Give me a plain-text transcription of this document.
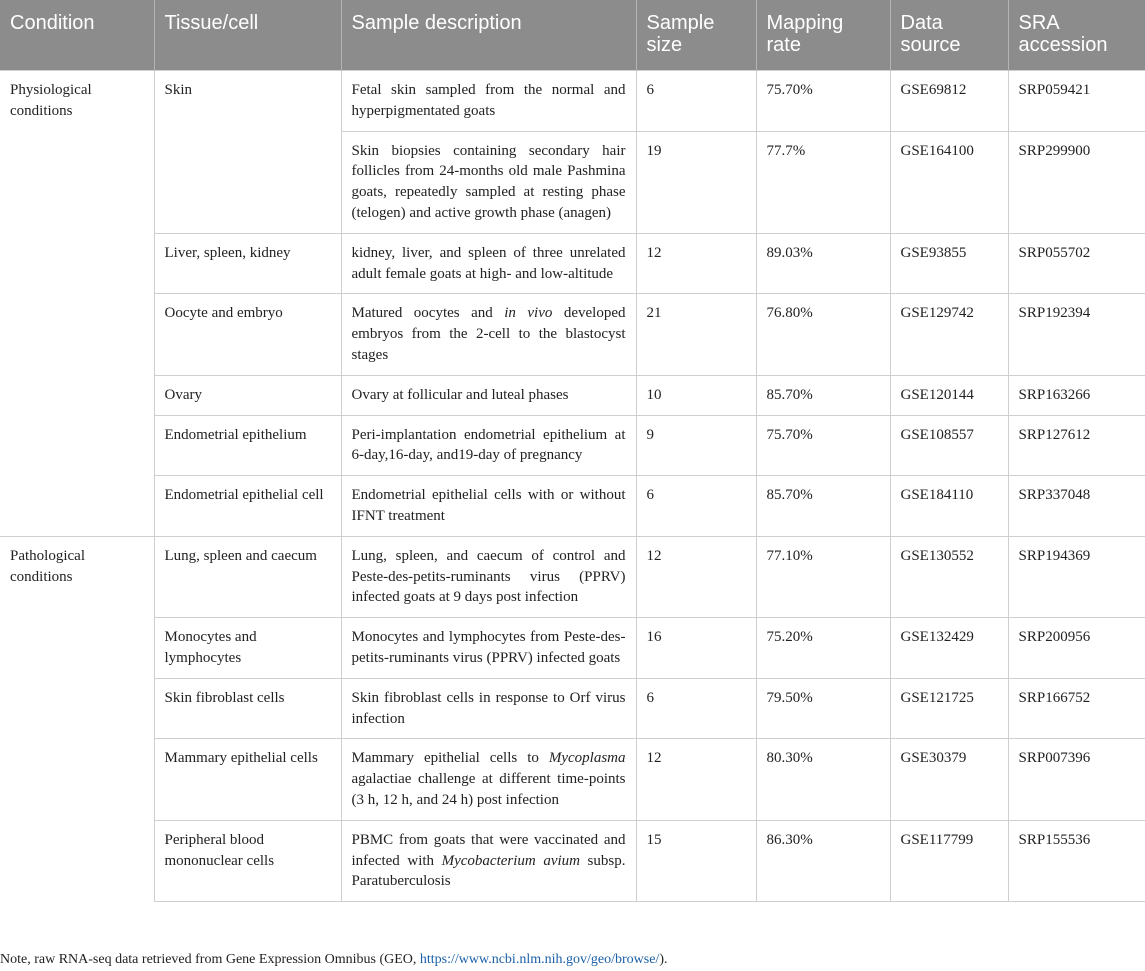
Condition	Tissue/cell	Sample description	Sample size	Mapping rate	Data source	SRA accession
Physiological conditions	Skin	Fetal skin sampled from the normal and hyperpigmentated goats	6	75.70%	GSE69812	SRP059421
		Skin biopsies containing secondary hair follicles from 24-months old male Pashmina goats, repeatedly sampled at resting phase (telogen) and active growth phase (anagen)	19	77.7%	GSE164100	SRP299900
	Liver, spleen, kidney	kidney, liver, and spleen of three unrelated adult female goats at high- and low-altitude	12	89.03%	GSE93855	SRP055702
	Oocyte and embryo	Matured oocytes and in vivo developed embryos from the 2-cell to the blastocyst stages	21	76.80%	GSE129742	SRP192394
	Ovary	Ovary at follicular and luteal phases	10	85.70%	GSE120144	SRP163266
	Endometrial epithelium	Peri-implantation endometrial epithelium at 6-day,16-day, and19-day of pregnancy	9	75.70%	GSE108557	SRP127612
	Endometrial epithelial cell	Endometrial epithelial cells with or without IFNT treatment	6	85.70%	GSE184110	SRP337048
Pathological conditions	Lung, spleen and caecum	Lung, spleen, and caecum of control and Peste-des-petits-ruminants virus (PPRV) infected goats at 9 days post infection	12	77.10%	GSE130552	SRP194369
	Monocytes and lymphocytes	Monocytes and lymphocytes from Peste-des-petits-ruminants virus (PPRV) infected goats	16	75.20%	GSE132429	SRP200956
	Skin fibroblast cells	Skin fibroblast cells in response to Orf virus infection	6	79.50%	GSE121725	SRP166752
	Mammary epithelial cells	Mammary epithelial cells to Mycoplasma agalactiae challenge at different time-points (3 h, 12 h, and 24 h) post infection	12	80.30%	GSE30379	SRP007396
	Peripheral blood mononuclear cells	PBMC from goats that were vaccinated and infected with Mycobacterium avium subsp. Paratuberculosis	15	86.30%	GSE117799	SRP155536
Note, raw RNA-seq data retrieved from Gene Expression Omnibus (GEO, https://www.ncbi.nlm.nih.gov/geo/browse/).
